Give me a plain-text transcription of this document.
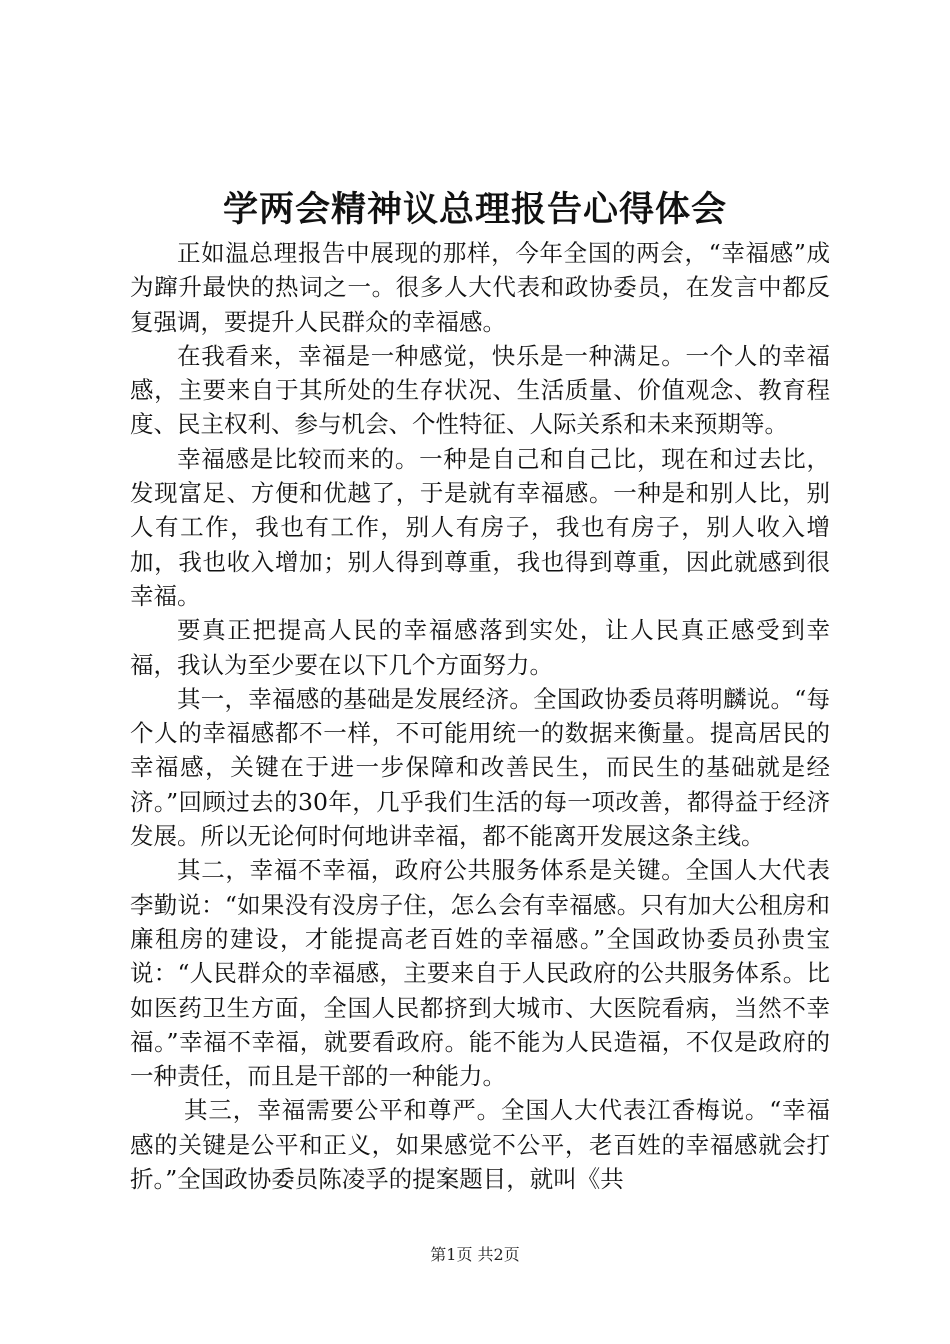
学两会精神议总理报告心得体会

正如温总理报告中展现的那样，今年全国的两会，“幸福感”成为蹿升最快的热词之一。很多人大代表和政协委员，在发言中都反复强调，要提升人民群众的幸福感。

在我看来，幸福是一种感觉，快乐是一种满足。一个人的幸福感，主要来自于其所处的生存状况、生活质量、价值观念、教育程度、民主权利、参与机会、个性特征、人际关系和未来预期等。

幸福感是比较而来的。一种是自己和自己比，现在和过去比，发现富足、方便和优越了，于是就有幸福感。一种是和别人比，别人有工作，我也有工作，别人有房子，我也有房子，别人收入增加，我也收入增加；别人得到尊重，我也得到尊重，因此就感到很幸福。

要真正把提高人民的幸福感落到实处，让人民真正感受到幸福，我认为至少要在以下几个方面努力。

其一，幸福感的基础是发展经济。全国政协委员蒋明麟说。“每个人的幸福感都不一样，不可能用统一的数据来衡量。提高居民的幸福感，关键在于进一步保障和改善民生，而民生的基础就是经济。”回顾过去的30年，几乎我们生活的每一项改善，都得益于经济发展。所以无论何时何地讲幸福，都不能离开发展这条主线。

其二，幸福不幸福，政府公共服务体系是关键。全国人大代表李勤说：“如果没有没房子住，怎么会有幸福感。只有加大公租房和廉租房的建设，才能提高老百姓的幸福感。”全国政协委员孙贵宝说：“人民群众的幸福感，主要来自于人民政府的公共服务体系。比如医药卫生方面，全国人民都挤到大城市、大医院看病，当然不幸福。”幸福不幸福，就要看政府。能不能为人民造福，不仅是政府的一种责任，而且是干部的一种能力。

其三，幸福需要公平和尊严。全国人大代表江香梅说。“幸福感的关键是公平和正义，如果感觉不公平，老百姓的幸福感就会打折。”全国政协委员陈凌孚的提案题目，就叫《共

第1页 共2页
